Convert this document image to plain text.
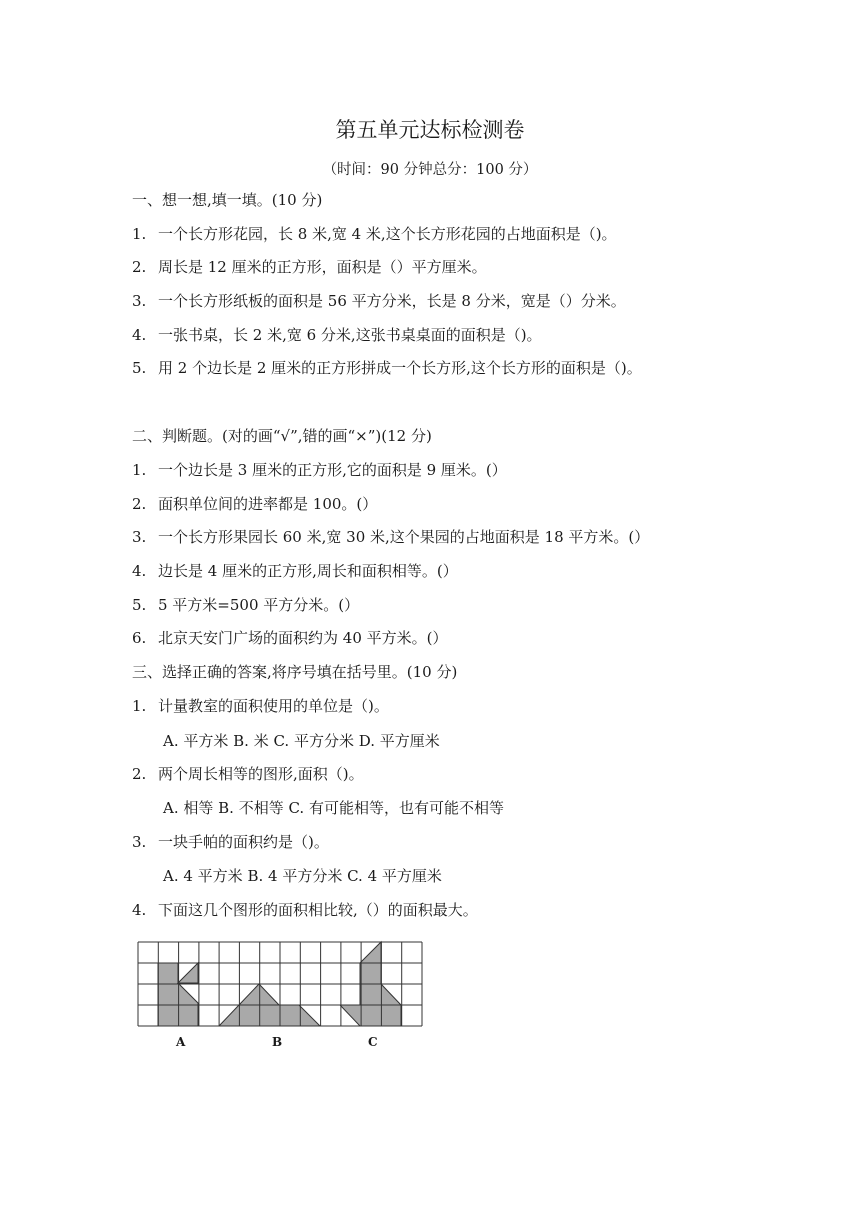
第五单元达标检测卷
（时间：90 分钟总分：100 分）
一、想一想,填一填。(10 分)
1. 一个长方形花园，长 8 米,宽 4 米,这个长方形花园的占地面积是（)。
2. 周长是 12 厘米的正方形，面积是（）平方厘米。
3. 一个长方形纸板的面积是 56 平方分米，长是 8 分米，宽是（）分米。
4. 一张书桌，长 2 米,宽 6 分米,这张书桌桌面的面积是（)。
5. 用 2 个边长是 2 厘米的正方形拼成一个长方形,这个长方形的面积是（)。
二、判断题。(对的画“√”,错的画“×”)(12 分)
1. 一个边长是 3 厘米的正方形,它的面积是 9 厘米。(）
2. 面积单位间的进率都是 100。(）
3. 一个长方形果园长 60 米,宽 30 米,这个果园的占地面积是 18 平方米。(）
4. 边长是 4 厘米的正方形,周长和面积相等。(）
5. 5 平方米=500 平方分米。(）
6. 北京天安门广场的面积约为 40 平方米。(）
三、选择正确的答案,将序号填在括号里。(10 分)
1. 计量教室的面积使用的单位是（)。
A. 平方米 B. 米 C. 平方分米 D. 平方厘米
2. 两个周长相等的图形,面积（)。
A. 相等 B. 不相等 C. 有可能相等，也有可能不相等
3. 一块手帕的面积约是（)。
A. 4 平方米 B. 4 平方分米 C. 4 平方厘米
4. 下面这几个图形的面积相比较,（）的面积最大。
A	B	C
